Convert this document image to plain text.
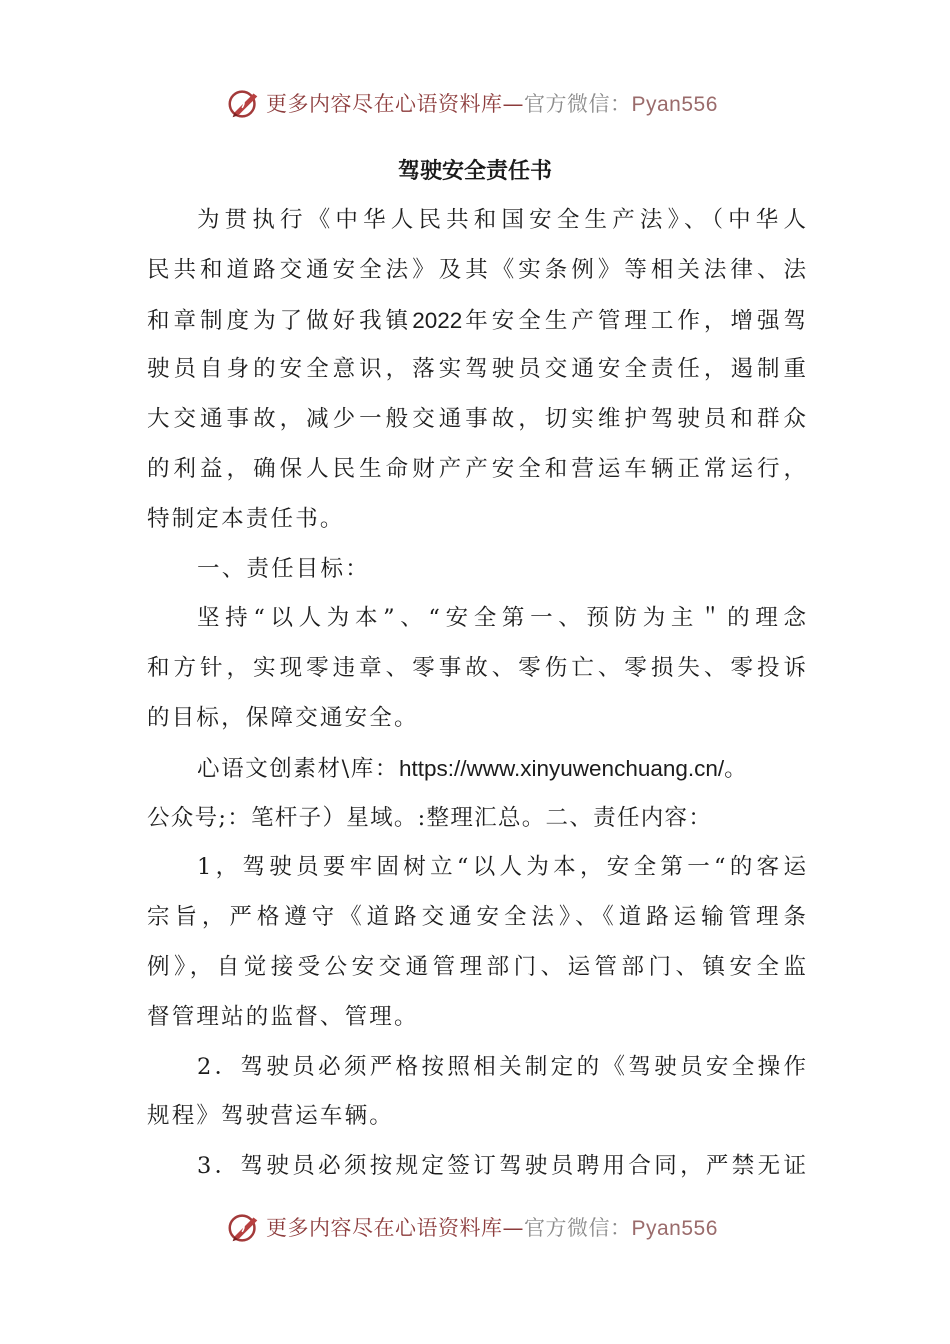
更多内容尽在心语资料库—官方微信：Pyan556
驾驶安全责任书
为贯执行《中华人民共和国安全生产法》、（中华人
民共和道路交通安全法》及其《实条例》等相关法律、法
和章制度为了做好我镇2022年安全生产管理工作，增强驾
驶员自身的安全意识，落实驾驶员交通安全责任，遏制重
大交通事故，减少一般交通事故，切实维护驾驶员和群众
的利益，确保人民生命财产产安全和营运车辆正常运行，
特制定本责任书。
一、责任目标：
坚持“以人为本”、“安全第一、预防为主＂的理念
和方针，实现零违章、零事故、零伤亡、零损失、零投诉
的目标，保障交通安全。
心语文创素材\库：https://www.xinyuwenchuang.cn/。
公众号;：笔杆子）星域。:整理汇总。二、责任内容：
1，驾驶员要牢固树立“以人为本，安全第一“的客运
宗旨，严格遵守《道路交通安全法》、《道路运输管理条
例》，自觉接受公安交通管理部门、运管部门、镇安全监
督管理站的监督、管理。
2．驾驶员必须严格按照相关制定的《驾驶员安全操作
规程》驾驶营运车辆。
3．驾驶员必须按规定签订驾驶员聘用合同，严禁无证
更多内容尽在心语资料库—官方微信：Pyan556
